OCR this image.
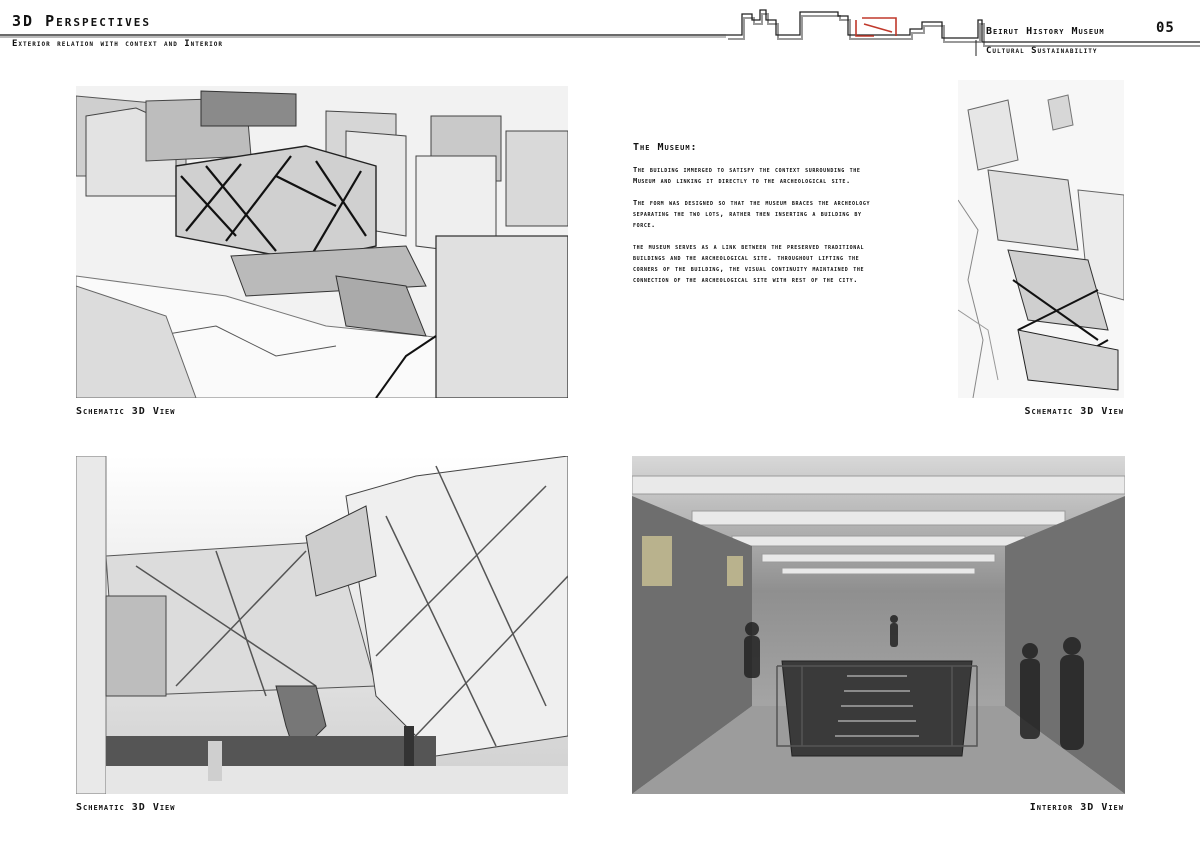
3D Perspectives
Exterior relation with context and Interior
Beirut History Museum
Cultural Sustainability
05
Schematic 3D View	Schematic 3D View
Schematic 3D View	Interior 3D View
The Museum:

The building immerged to satisfy the context surrounding the Museum and linking it directly to the archeological site.

The form was designed so that the museum braces the archeology separating the two lots, rather then inserting a building by force.

the museum serves as a link between the preserved traditional buildings and the archeological site. throughout lifting the corners of the building, the visual continuity maintained the connection of the archeological site with rest of the city.
